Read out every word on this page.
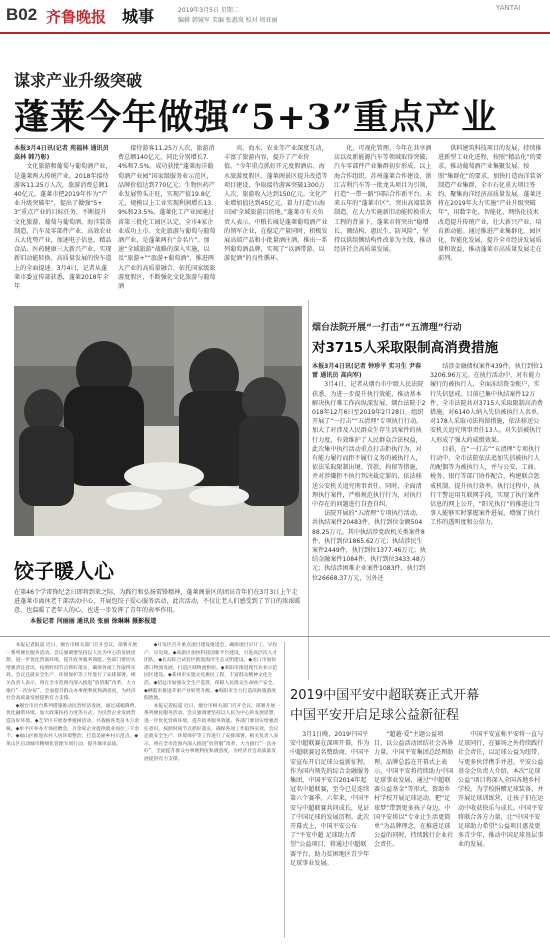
B02 齐鲁晚报 城事	2019年3月5日 星期二
编辑 韩镜军 美编 张惠岚 校对 周亚丽
YANTAI
谋求产业升级突破
蓬莱今年做强“5+3”重点产业

本报3月4日讯(记者 苑福林 通讯员 高林 韩乃彰)

文化旅游和葡萄与葡萄酒产业，是蓬莱两大传统产业。2018年接待游客11.25万人次，旅游消费总额140亿元。蓬莱市把2019年作为“产业升级突破年”，提出了做强“5+3”重点产业的目标任务，不断提升文化旅游、葡萄与葡萄酒、海洋装备制造、汽车及零部件产业，高效农业五大优势产业，加速电子信息、精品食品、医药健康三大新兴产业，实现新旧动能转换、高质量发展的快车道上的全面提速。3月4日，记者从蓬莱市委宣传部获悉，蓬莱2018年全年

接待游客11.25万人次，旅游消费总额140亿元，同比分别增长7.4%和7.5%。成功获批“蓬莱海洋葡萄酒产业园”国家级服务业示范区，品牌价值达到770亿元；生物医药产业发展势头正旺，实现产值19.8亿元，规模以上工业实现利润增长13.9%和23.5%。蓬莱化工产业园通过省第三批化工园区认定，全市4家企业成功上市。文化旅游与葡萄与葡萄酒产业，是蓬莱两有“金名片”。加速“全域旅游”战略的深入实施，以及“旅游+”“旅游+葡萄酒”，推进两大产业的高质量融合，依托国家级旅游度假区，不断强化文化旅游与葡萄酒

宾、海水、农业等产业深度互动，丰富了旅游内容，提升了产业价值。“今年重点抓好开元度假酒店、海水旅游度假区、蓬莱阁景区提升改造等项目建设，争取接待游客突破1300万人次，旅游收入达到150亿元。文化产业增加值达到45亿元，着力打造‘山海田园’全域旅游目的地。”蓬莱市有关负责人表示。中粮长城是蓬莱葡萄酒产业的领军企业，在稳定产量同时，积极发展高端产品和小批量酒庄酒，推出一系列葡萄酒品牌，实现了“以酒带游、以游促酒”的良性循环。

化，可视化管理。今年在共享酒店以及新能源汽车等领域取得突破，汽车零部件产业集群初步形成，以上海合作组织、苏州蓬莱合作建设、浙江吉利汽车等一批龙头项目为引领，打造“一带一路”国际合作新平台。未来五年的“蓬莱市区”，突出高端装备制造，在大力实施新旧动能转换重大工程的背景下，蓬莱市将突出“稳增长、调结构、惠民生、防风险”，坚持以供给侧结构性改革为主线，推动经济社会高质量发展。

供料建筑科技项目的发展，持续推进新型工业化进程，按照“精品化”的要求，推动葡萄酒产业集聚发展。按照“集群化”的要求，加快打造海洋装备制造产业集群，全市石化重大项目签约，聚集海洋经济高质量发展。蓬莱还将在2019年大力实施“产业升级突破年”，用数字化、智能化、网络化技术改造提升传统产业，壮大新兴产业，培育新动能。通过推进产业集群化、园区化、智能化发展，提升全市经济发展质量和效益，推动蓬莱市高质量发展走在前列。

饺子暖人心
在第46个学雷锋纪念日即将到来之际，为践行和弘扬雷锋精神，蓬莱阁景区的团员青年们在3月3日上午走进蓬莱市离休老干部活动中心，开展包饺子爱心服务活动，此次活动，不仅让老人们感受到了节日的浓浓暖意，也温暖了老年人的心，也进一步发挥了青年的表率作用。
本报记者 闫丽丽 通讯员 张丽 徐琳琳 摄影报道
烟台法院开展“一打击”“五清理”行动
对3715人采取限制高消费措施

本报3月4日讯(记者 钟珍平 实习生 尹春雷 通讯员 高向军)

3月4日，记者从烟台市中级人民法院获悉，为进一步提升执行效能，推动基本解决执行难工作向纵深发展，烟台法院于2018年12月6日至2019年2月28日，组织开展了“一打击”“五清理”专项执行行动。加大了对涉及人民群众生存生活案件的执行力度，有效维护了人民群众合法权益，此次集中执行活动重点打击拒执行为，对有能力履行而拒不履行义务的被执行人，依法采取限制出境、罚款、拘留等措施，并对涉嫌拒不执行判决裁定罪的，依法移送公安机关追究刑事责任。同时，全面清理执行案件，严格规范执行行为，对执行中存在的问题进行自查自纠。

法院开展的“五清理”专项执行活动，共执结案件20483件，执行到位金额50488.25万元。其中执结涉党政机关类案件8件，执行到位1865.62万元；执结涉民生案件2449件，执行到位1377.46万元；执结金融案件1084件，执行到位3433.48万元；执结涉困难企业案件1083件，执行到位26668.37万元，另外还

结涉金融债权案件439件，执行到位13206.96万元。在执行活动中，对有能力履行的被执行人，全面冻结资金账户，实行失信惩戒。目前已集中执结案件12万件，全市法院共对3715人采取限制高消费措施，对6140人纳入失信被执行人名单，对178人采取司法拘留措施，依法移送公安机关追究刑事责任13人。对失信被执行人形成了强大的威慑效果。

目前，在“一打击”“五清理”专项执行行动中，全市法院依法追加失信被执行人的配偶等为被执行人，并与公安、工商、税务、银行等部门协作配合，构建联合惩戒机制，提升执行效率。执行过程中，执行干警运用互联网手段，实现了执行案件信息的网上公开，“阳光执行”的推进让当事人能够实时掌握案件进展，增强了执行工作的透明度和公信力。

本报记者报道 近日，烟台市相关部门召开会议，部署开展一系列便民服务活动。会议强调要坚持以人民为中心的发展思想，进一步优化营商环境，提升政务服务效能。各部门要切实增强责任意识，按照时间节点抓好落实，确保各项工作取得实效。会议还就安全生产、环境保护等工作进行了安排部署。相关负责人表示，将在全市范围内深入推进“放管服”改革，大力推行“一次办好”，全面提升群众办事便利度和满意度，为经济社会高质量发展提供有力支撑。

◆烟台市出台系列措施推动民营经济发展。通过减税降费、优化融资环境、加大政策扶持力度等方式，为民营企业发展营造良好环境。◆芝罘区开展春季植树活动，共栽植各类苗木万余株。◆牟平区举办专场招聘会，百余家企业提供就业岗位三千余个。◆福山区推进农村人居环境整治，打造美丽乡村示范点。◆莱山区启动城市精细化管理专项行动，提升城市品质。

◆开发区召开重点项目建设推进会，确保项目早开工、早投产、早见效。◆高新区加快科技创新平台建设，引进高层次人才团队。◆长岛综合试验区推进海洋生态文明建设。◆龙口市加快港口物流发展，打造区域物流枢纽。◆莱阳市推进现代农业示范园区建设。◆莱州市实施文化惠民工程，丰富群众精神文化生活。◆招远市加强安全生产监管，保障人民群众生命财产安全。◆栖霞市推进苹果产业转型升级。◆海阳市全力打造滨海旅游度假胜地。

本报记者报道 近日，烟台市相关部门召开会议，部署开展一系列便民服务活动。会议强调要坚持以人民为中心的发展思想，进一步优化营商环境，提升政务服务效能。各部门要切实增强责任意识，按照时间节点抓好落实，确保各项工作取得实效。会议还就安全生产、环境保护等工作进行了安排部署。相关负责人表示，将在全市范围内深入推进“放管服”改革，大力推行“一次办好”，全面提升群众办事便利度和满意度，为经济社会高质量发展提供有力支撑。

2019中国平安中超联赛正式开幕
中国平安开启足球公益新征程

3月1日晚，2019中国平安中超联赛在深圳开幕，作为中超联赛冠名赞助商，中国平安宣布开启足球公益新征程。作为国内领先的综合金融服务集团，中国平安自2014年起冠名中超联赛，至今已是连续第六个赛季。六年来，中国平安与中超联赛共同成长，见证了中国足球的发展历程。此次开幕式上，中国平安公布了“平安中超 足球助力希望”公益项目，将通过中超联赛平台，助力贫困地区青少年足球事业发展。

“超越·爱”主题公益项目，以公益活动团结社会各界力量。中国平安集团总经理助理、品牌总监在开幕式上表示，中国平安将持续助力中国足球事业发展，通过“中超联赛公益基金”等形式，资助乡村学校开展足球运动，把“足球梦”带到更多孩子身边。中国平安将以“专业让生活更简单”为品牌理念，在推进足球公益的同时，持续践行企业社会责任。

中国平安宣称平安将一直与足球同行，在赛场之外持续践行社会责任，以足球公益为纽带，与更多伙伴携手并进。平安公益基金会负责人介绍，本次“足球公益”项目将深入全国各地乡村学校，为学校捐赠足球装备，并开展足球训练营，让孩子们在运动中收获快乐与成长。中国平安将联合各方力量，让“中国平安 足球助力希望”公益项目惠及更多青少年，推动中国足球基层事业的发展。
